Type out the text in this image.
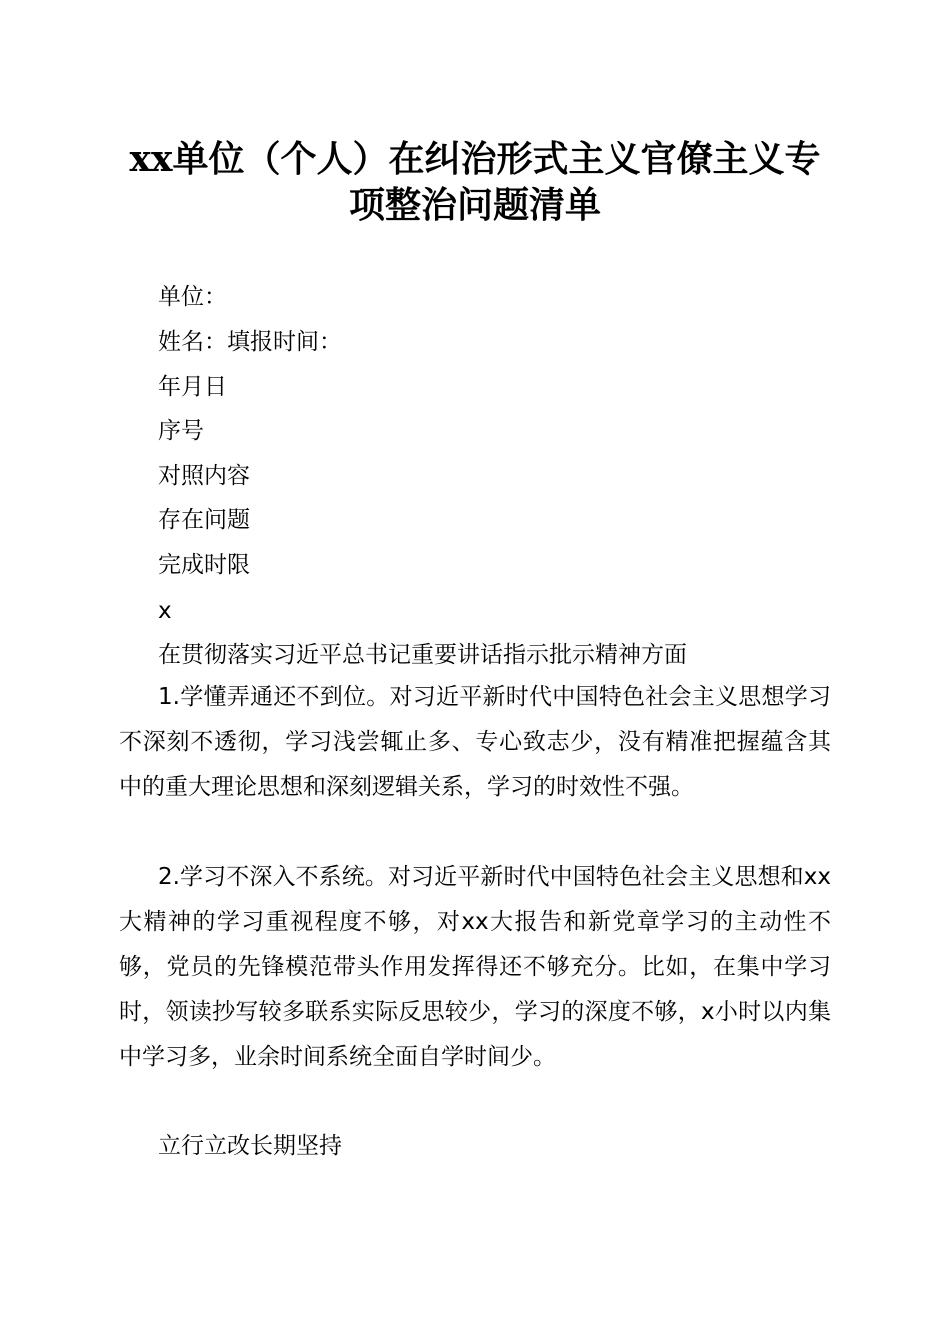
xx单位（个人）在纠治形式主义官僚主义专
项整治问题清单

单位：

姓名：填报时间：

年月日

序号

对照内容

存在问题

完成时限

x

在贯彻落实习近平总书记重要讲话指示批示精神方面

1.学懂弄通还不到位。对习近平新时代中国特色社会主义思想学习不深刻不透彻，学习浅尝辄止多、专心致志少，没有精准把握蕴含其中的重大理论思想和深刻逻辑关系，学习的时效性不强。

2.学习不深入不系统。对习近平新时代中国特色社会主义思想和xx大精神的学习重视程度不够，对xx大报告和新党章学习的主动性不够，党员的先锋模范带头作用发挥得还不够充分。比如，在集中学习时，领读抄写较多联系实际反思较少，学习的深度不够，x小时以内集中学习多，业余时间系统全面自学时间少。

立行立改长期坚持
